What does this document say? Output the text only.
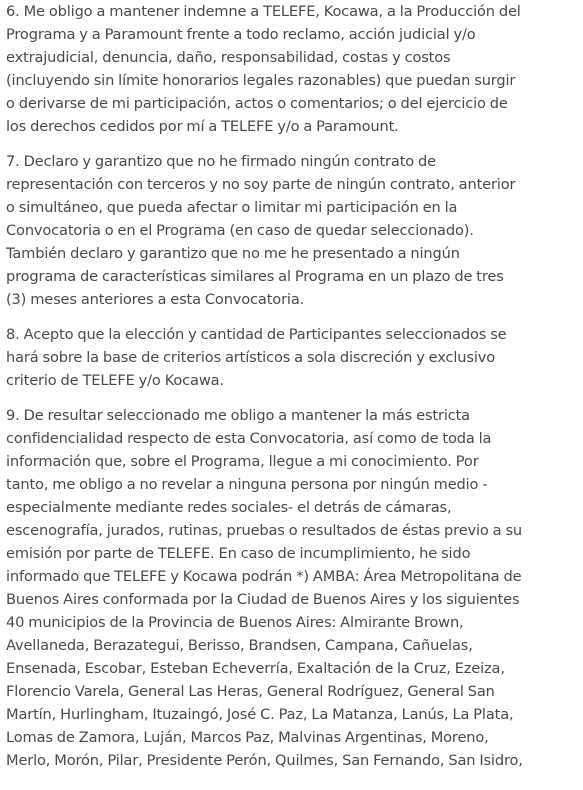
6. Me obligo a mantener indemne a TELEFE, Kocawa, a la Producción del
Programa y a Paramount frente a todo reclamo, acción judicial y/o
extrajudicial, denuncia, daño, responsabilidad, costas y costos
(incluyendo sin límite honorarios legales razonables) que puedan surgir
o derivarse de mi participación, actos o comentarios; o del ejercicio de
los derechos cedidos por mí a TELEFE y/o a Paramount.
7. Declaro y garantizo que no he firmado ningún contrato de
representación con terceros y no soy parte de ningún contrato, anterior
o simultáneo, que pueda afectar o limitar mi participación en la
Convocatoria o en el Programa (en caso de quedar seleccionado).
También declaro y garantizo que no me he presentado a ningún
programa de características similares al Programa en un plazo de tres
(3) meses anteriores a esta Convocatoria.
8. Acepto que la elección y cantidad de Participantes seleccionados se
hará sobre la base de criterios artísticos a sola discreción y exclusivo
criterio de TELEFE y/o Kocawa.
9. De resultar seleccionado me obligo a mantener la más estricta
confidencialidad respecto de esta Convocatoria, así como de toda la
información que, sobre el Programa, llegue a mi conocimiento. Por
tanto, me obligo a no revelar a ninguna persona por ningún medio -
especialmente mediante redes sociales- el detrás de cámaras,
escenografía, jurados, rutinas, pruebas o resultados de éstas previo a su
emisión por parte de TELEFE. En caso de incumplimiento, he sido
informado que TELEFE y Kocawa podrán *) AMBA: Área Metropolitana de
Buenos Aires conformada por la Ciudad de Buenos Aires y los siguientes
40 municipios de la Provincia de Buenos Aires: Almirante Brown,
Avellaneda, Berazategui, Berisso, Brandsen, Campana, Cañuelas,
Ensenada, Escobar, Esteban Echeverría, Exaltación de la Cruz, Ezeiza,
Florencio Varela, General Las Heras, General Rodríguez, General San
Martín, Hurlingham, Ituzaingó, José C. Paz, La Matanza, Lanús, La Plata,
Lomas de Zamora, Luján, Marcos Paz, Malvinas Argentinas, Moreno,
Merlo, Morón, Pilar, Presidente Perón, Quilmes, San Fernando, San Isidro,
